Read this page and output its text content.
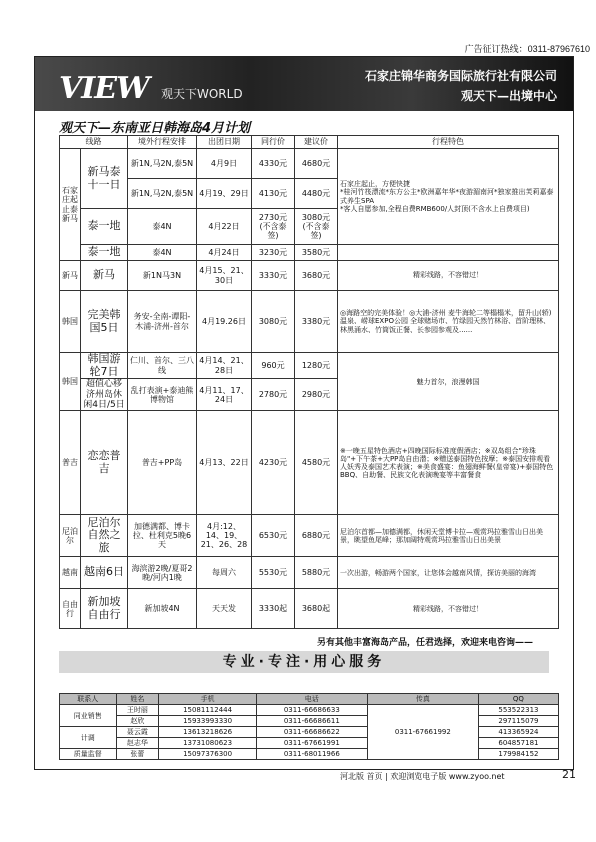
广告征订热线：0311-87967610
VIEW 观天下WORLD
石家庄锦华商务国际旅行社有限公司
观天下—出境中心
观天下—东南亚日韩海岛4月计划
线路		境外行程安排	出团日期	同行价	建议价	行程特色
石家庄起止泰新马	新马泰十一日	新1N,马2N,泰5N	4月9日	4330元	4680元	石家庄起止，方便快捷
*桂河竹筏漂流*东方公主*欧洲嘉年华*夜游湄南河*独家推出芙莉嘉泰式养生SPA
*客人自愿参加,全程自费RMB600/人封顶(不含水上自费项目)
		新1N,马2N,泰5N	4月19、29日	4130元	4480元	
	泰一地	泰4N	4月22日	2730元(不含泰签)	3080元(不含泰签)	
	泰一地	泰4N	4月24日	3230元	3580元	
新马	新马	新1N马3N	4月15、21、30日	3330元	3680元	精彩线路，不容错过！
韩国	完美韩国5日	务安-全南-谭阳-木浦-济州-首尔	4月19.26日	3080元	3380元	◎海路空的完美体验！◎大浦-济州 麦牛海轮二等榻榻米，留升山(轿)温泉、崂球EXPO公园 全球赌场市、竹绿园天然竹林浴、首阶理林、林黑涌水、竹筒饭正餐、长参园参观及......
韩国	韩国游轮7日	仁川、首尔、三八线	4月14、21、28日	960元	1280元	魅力首尔，浪漫韩国
	超值心移济州岛休闲4日/5日	乱打表演+泰迪熊博物馆	4月11、17、24日	2780元	2980元	
普吉	恋恋普吉	普吉+PP岛	4月13、22日	4230元	4580元	※一晚五星特色酒店+四晚国际标准度假酒店；※双岛组合"珍珠岛"+下午茶+大PP岛自由潜；※赠送泰国特色按摩；※泰国安排观看人妖秀及泰国艺术表演；※美食盛宴：鱼翅海鲜餐(皇帝宴)+泰国特色BBQ、自助餐、民族文化表演晚宴等丰富餐食
尼泊尔	尼泊尔自然之旅	加德满都、博卡拉、杜利克5晚6天	4月:12、14、19、21、26、28	6530元	6880元	尼泊尔首都—加德满都，休闲天堂博卡拉—观赏玛拉雅雪山日出美景，眺望鱼尾峰；那加阔特观赏玛拉雅雪山日出美景
越南	越南6日	海滨游2晚/夏哥2晚/河内1晚	每周六	5530元	5880元	一次出游，畅游两个国家，让您体会越南风情，探访美丽的海湾
自由行	新加坡自由行	新加坡4N	天天发	3330起	3680起	精彩线路，不容错过！
另有其他丰富海岛产品，任君选择，欢迎来电咨询——
专业·专注·用心服务
联系人	姓名	手机	电话	传真	QQ
同业销售	王时丽	15081112444	0311-66686633	0311-67661992	553522313
	赵欣	15933993330	0311-66686611		297115079
计调	聂云霞	13613218626	0311-66686622		413365924
	赵志华	13731080623	0311-67661991		604857181
质量监督	张蕾	15097376300	0311-68011966		179984152
河北版 首页 | 欢迎浏览电子版 www.zyoo.net	21
